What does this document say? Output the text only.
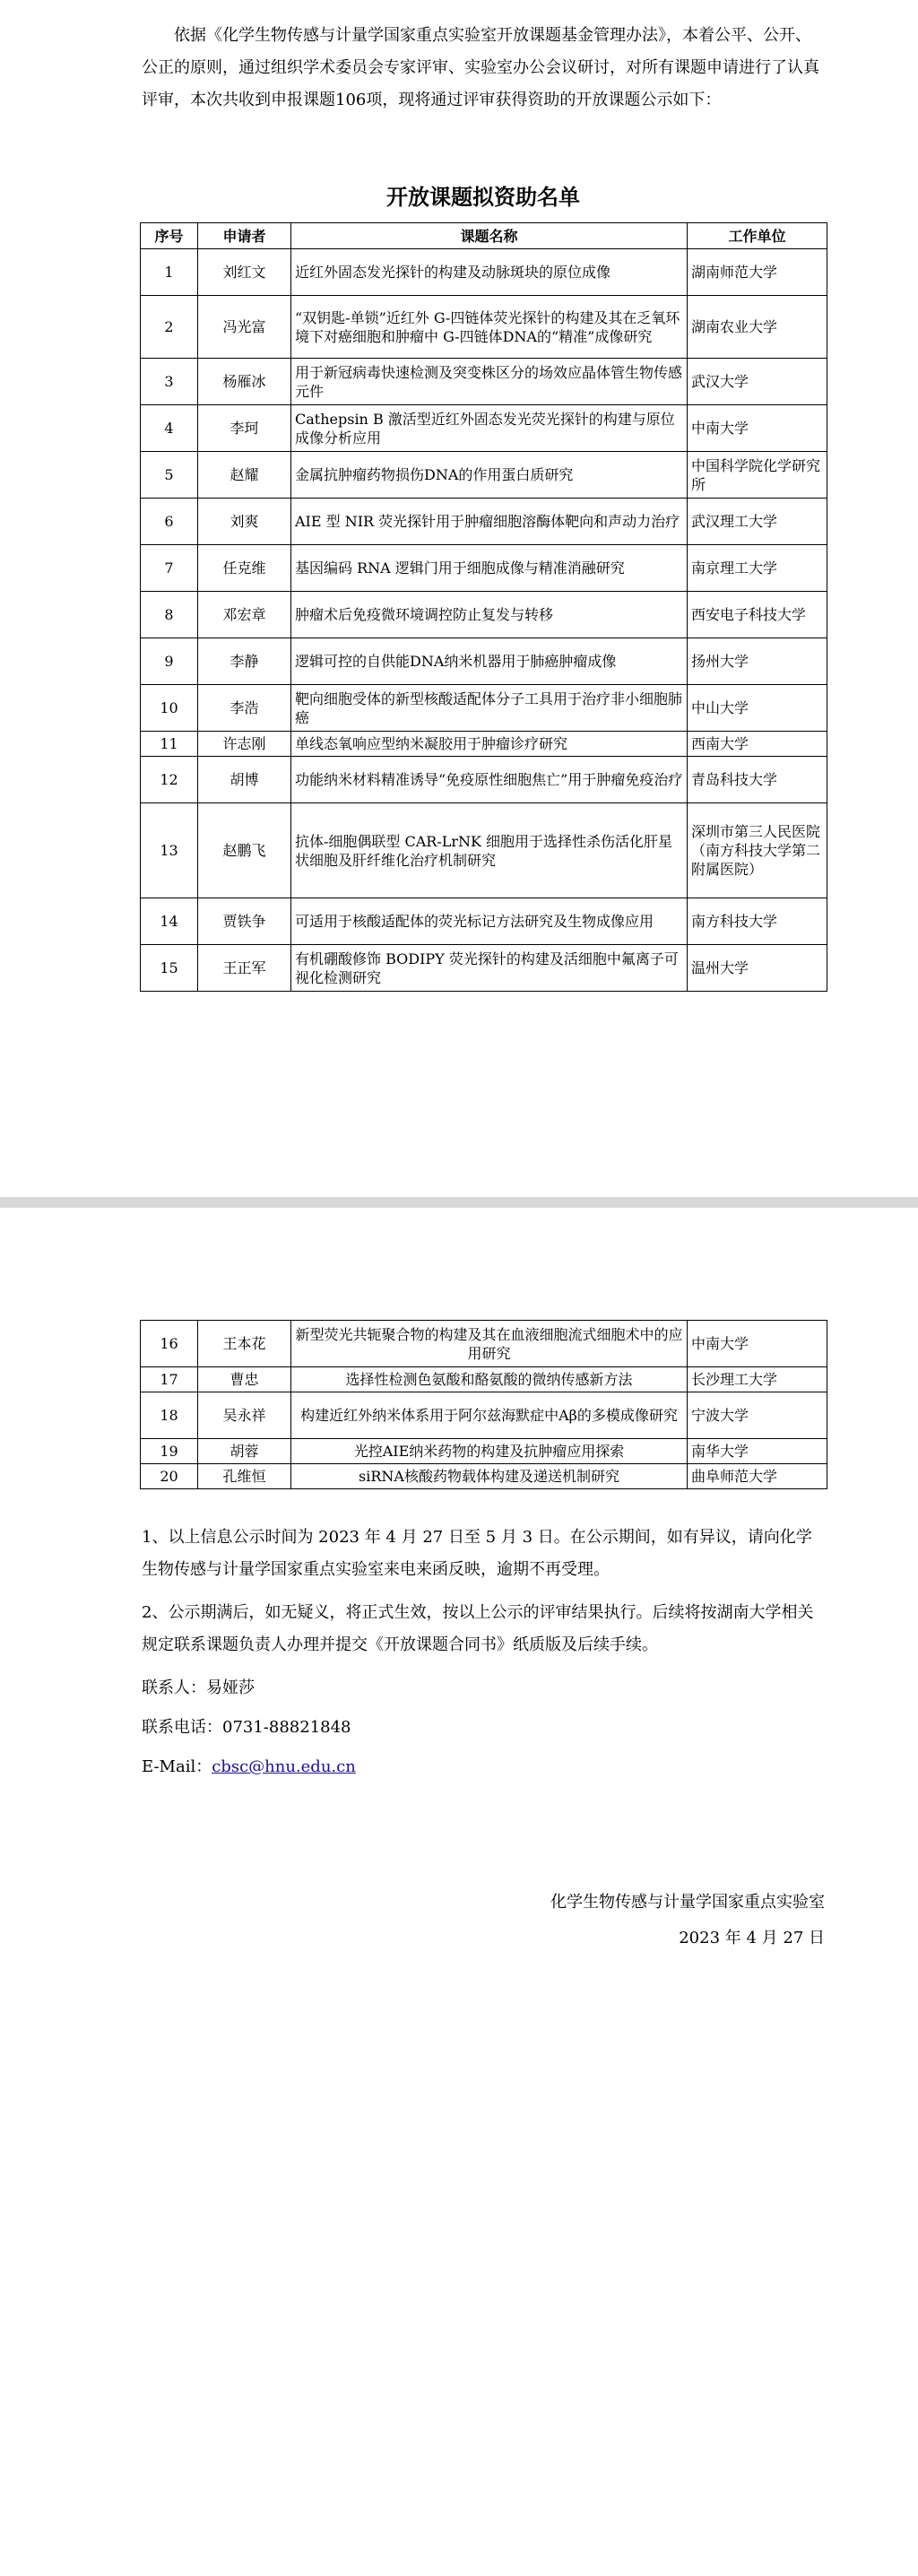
依据《化学生物传感与计量学国家重点实验室开放课题基金管理办法》，本着公平、公开、公正的原则，通过组织学术委员会专家评审、实验室办公会议研讨，对所有课题申请进行了认真评审，本次共收到申报课题106项，现将通过评审获得资助的开放课题公示如下：

开放课题拟资助名单
序号	申请者	课题名称	工作单位
1	刘红文	近红外固态发光探针的构建及动脉斑块的原位成像	湖南师范大学
2	冯光富	“双钥匙-单锁”近红外 G-四链体荧光探针的构建及其在乏氧环境下对癌细胞和肿瘤中 G-四链体DNA的“精准”成像研究	湖南农业大学
3	杨雁冰	用于新冠病毒快速检测及突变株区分的场效应晶体管生物传感元件	武汉大学
4	李珂	Cathepsin B 激活型近红外固态发光荧光探针的构建与原位成像分析应用	中南大学
5	赵耀	金属抗肿瘤药物损伤DNA的作用蛋白质研究	中国科学院化学研究所
6	刘爽	AIE 型 NIR 荧光探针用于肿瘤细胞溶酶体靶向和声动力治疗	武汉理工大学
7	任克维	基因编码 RNA 逻辑门用于细胞成像与精准消融研究	南京理工大学
8	邓宏章	肿瘤术后免疫微环境调控防止复发与转移	西安电子科技大学
9	李静	逻辑可控的自供能DNA纳米机器用于肺癌肿瘤成像	扬州大学
10	李浩	靶向细胞受体的新型核酸适配体分子工具用于治疗非小细胞肺癌	中山大学
11	许志刚	单线态氧响应型纳米凝胶用于肿瘤诊疗研究	西南大学
12	胡博	功能纳米材料精准诱导“免疫原性细胞焦亡”用于肿瘤免疫治疗	青岛科技大学
13	赵鹏飞	抗体-细胞偶联型 CAR-LrNK 细胞用于选择性杀伤活化肝星状细胞及肝纤维化治疗机制研究	深圳市第三人民医院（南方科技大学第二附属医院）
14	贾铁争	可适用于核酸适配体的荧光标记方法研究及生物成像应用	南方科技大学
15	王正军	有机硼酸修饰 BODIPY 荧光探针的构建及活细胞中氟离子可视化检测研究	温州大学
16	王本花	新型荧光共轭聚合物的构建及其在血液细胞流式细胞术中的应用研究	中南大学
17	曹忠	选择性检测色氨酸和酪氨酸的微纳传感新方法	长沙理工大学
18	吴永祥	构建近红外纳米体系用于阿尔兹海默症中Aβ的多模成像研究	宁波大学
19	胡蓉	光控AIE纳米药物的构建及抗肿瘤应用探索	南华大学
20	孔维恒	siRNA核酸药物载体构建及递送机制研究	曲阜师范大学

1、以上信息公示时间为 2023 年 4 月 27 日至 5 月 3 日。在公示期间，如有异议，请向化学生物传感与计量学国家重点实验室来电来函反映，逾期不再受理。

2、公示期满后，如无疑义，将正式生效，按以上公示的评审结果执行。后续将按湖南大学相关规定联系课题负责人办理并提交《开放课题合同书》纸质版及后续手续。

联系人：易娅莎
联系电话：0731-88821848
E-Mail：cbsc@hnu.edu.cn
化学生物传感与计量学国家重点实验室
2023 年 4 月 27 日
